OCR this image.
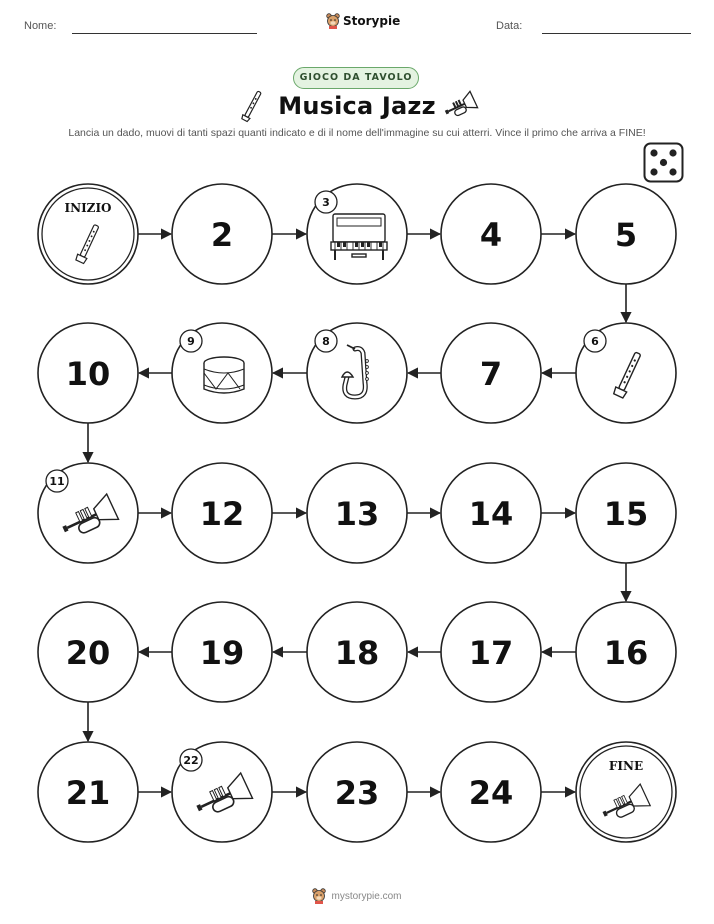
Nome:	Storypie	Data:
GIOCO DA TAVOLO
Musica Jazz
Lancia un dado, muovi di tanti spazi quanti indicato e di il nome dell'immagine su cui atterri. Vince il primo che arriva a FINE!
INIZIO
2
3
4	5
6
7
8
9
10
11
12	13	14	15
16
17
18
19
20
21
22
23	24
FINE
mystorypie.com
